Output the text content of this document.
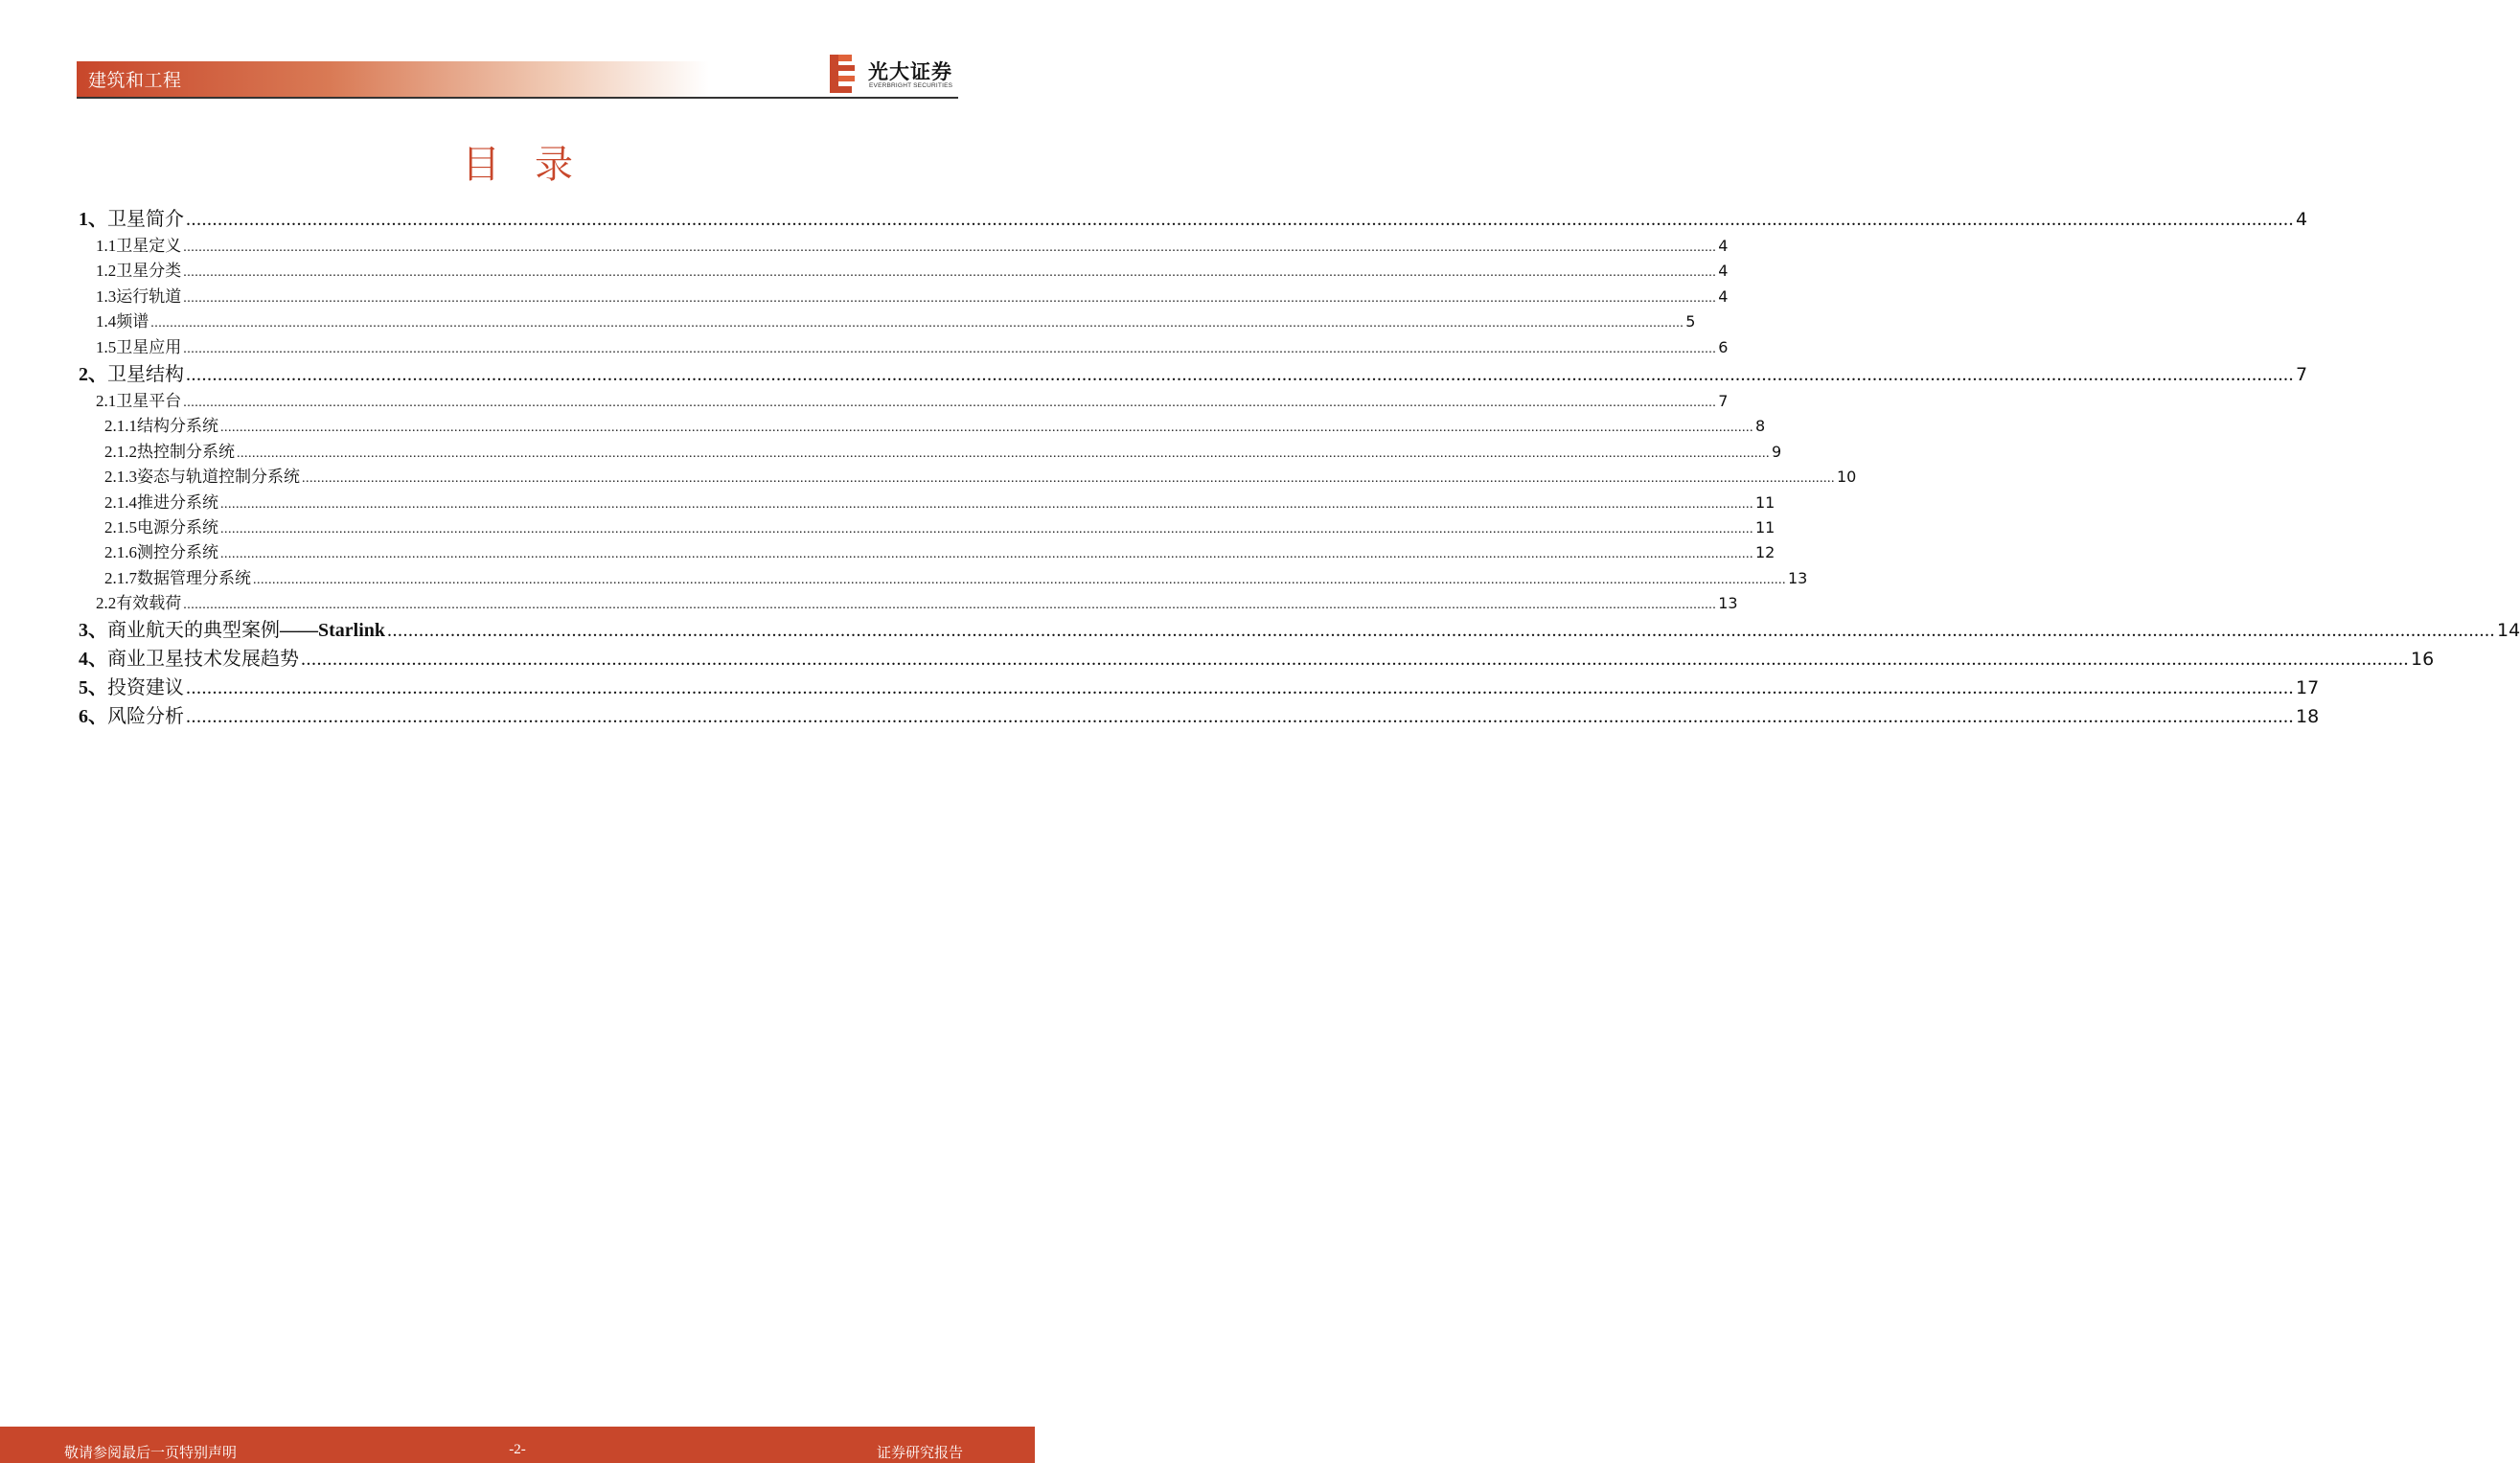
建筑和工程	光大证券
EVERBRIGHT SECURITIES
目录
1、 卫星简介 ................................................................................................................................................................................................................................................................................................................................................................................................................ 4
1.1 卫星定义 ................................................................................................................................................................................................................................................................................................................................................................................................................ 4
1.2 卫星分类 ................................................................................................................................................................................................................................................................................................................................................................................................................ 4
1.3 运行轨道 ................................................................................................................................................................................................................................................................................................................................................................................................................ 4
1.4 频谱 ................................................................................................................................................................................................................................................................................................................................................................................................................ 5
1.5 卫星应用 ................................................................................................................................................................................................................................................................................................................................................................................................................ 6
2、 卫星结构 ................................................................................................................................................................................................................................................................................................................................................................................................................ 7
2.1 卫星平台 ................................................................................................................................................................................................................................................................................................................................................................................................................ 7
2.1.1 结构分系统 ................................................................................................................................................................................................................................................................................................................................................................................................................ 8
2.1.2 热控制分系统 ................................................................................................................................................................................................................................................................................................................................................................................................................ 9
2.1.3 姿态与轨道控制分系统 ................................................................................................................................................................................................................................................................................................................................................................................................................ 10
2.1.4 推进分系统 ................................................................................................................................................................................................................................................................................................................................................................................................................ 11
2.1.5 电源分系统 ................................................................................................................................................................................................................................................................................................................................................................................................................ 11
2.1.6 测控分系统 ................................................................................................................................................................................................................................................................................................................................................................................................................ 12
2.1.7 数据管理分系统 ................................................................................................................................................................................................................................................................................................................................................................................................................ 13
2.2 有效载荷 ................................................................................................................................................................................................................................................................................................................................................................................................................ 13
3、 商业航天的典型案例——Starlink ................................................................................................................................................................................................................................................................................................................................................................................................................ 14
4、 商业卫星技术发展趋势 ................................................................................................................................................................................................................................................................................................................................................................................................................ 16
5、 投资建议 ................................................................................................................................................................................................................................................................................................................................................................................................................ 17
6、 风险分析 ................................................................................................................................................................................................................................................................................................................................................................................................................ 18
敬请参阅最后一页特别声明	-2-	证券研究报告
